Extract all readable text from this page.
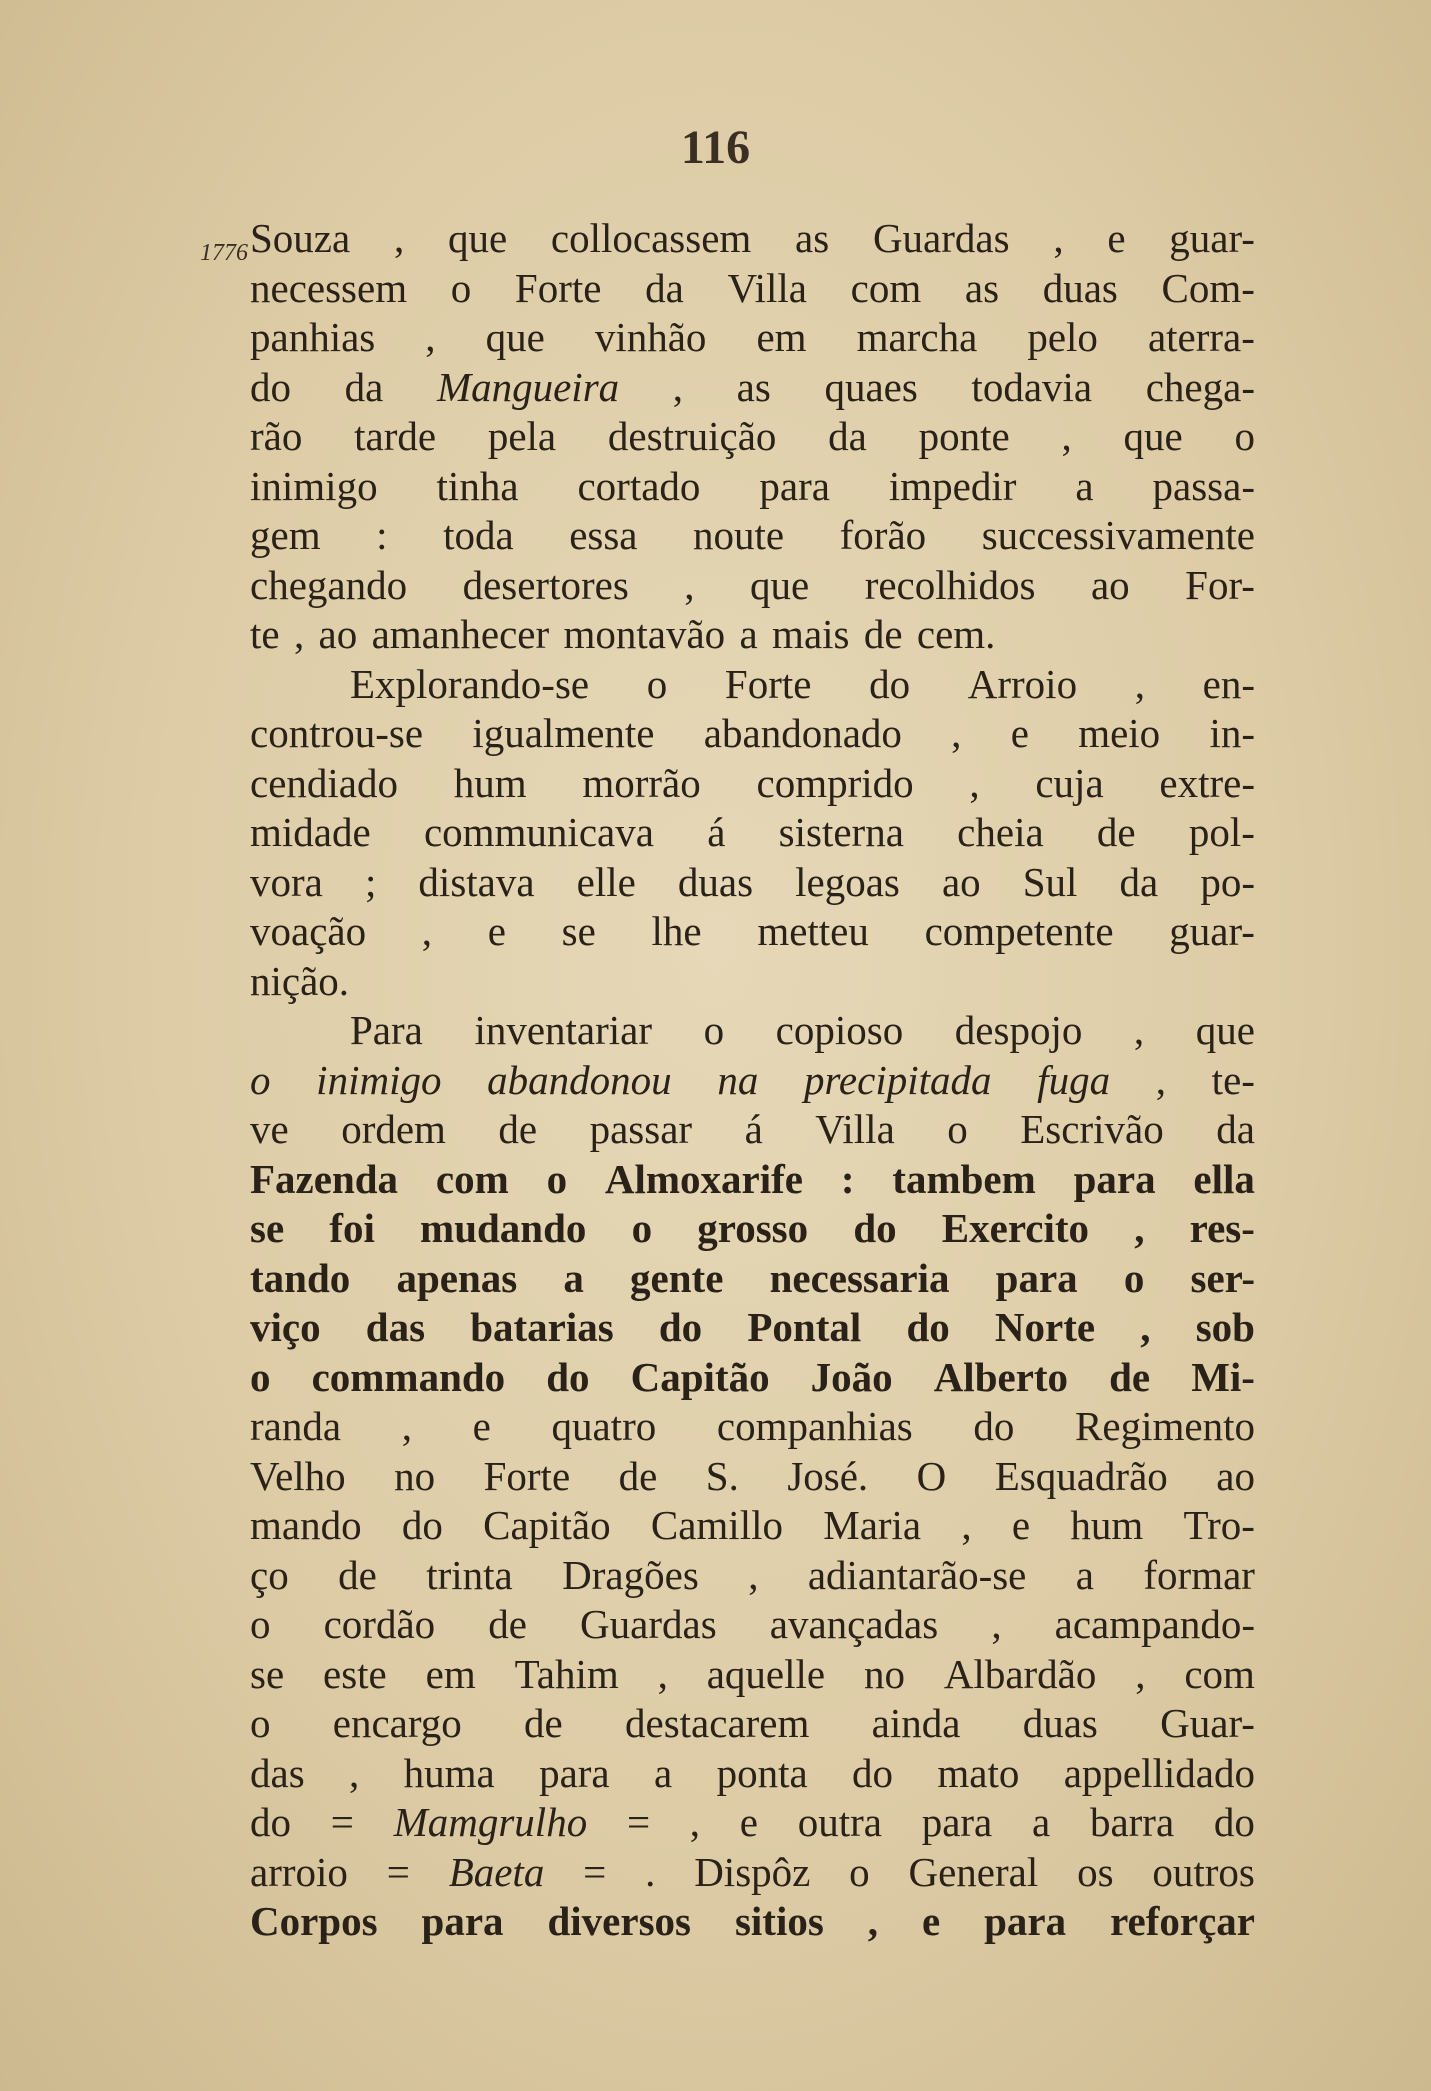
116
1776 Souza , que collocassem as Guardas , e guar-
necessem o Forte da Villa com as duas Com-
panhias , que vinhão em marcha pelo aterra-
do da Mangueira , as quaes todavia chega-
rão tarde pela destruição da ponte , que o
inimigo tinha cortado para impedir a passa-
gem : toda essa noute forão successivamente
chegando desertores , que recolhidos ao For-
te , ao amanhecer montavão a mais de cem.
Explorando-se o Forte do Arroio , en-
controu-se igualmente abandonado , e meio in-
cendiado hum morrão comprido , cuja extre-
midade communicava á sisterna cheia de pol-
vora ; distava elle duas legoas ao Sul da po-
voação , e se lhe metteu competente guar-
nição.
Para inventariar o copioso despojo , que
o inimigo abandonou na precipitada fuga , te-
ve ordem de passar á Villa o Escrivão da
Fazenda com o Almoxarife : tambem para ella
se foi mudando o grosso do Exercito , res-
tando apenas a gente necessaria para o ser-
viço das batarias do Pontal do Norte , sob
o commando do Capitão João Alberto de Mi-
randa , e quatro companhias do Regimento
Velho no Forte de S. José. O Esquadrão ao
mando do Capitão Camillo Maria , e hum Tro-
ço de trinta Dragões , adiantarão-se a formar
o cordão de Guardas avançadas , acampando-
se este em Tahim , aquelle no Albardão , com
o encargo de destacarem ainda duas Guar-
das , huma para a ponta do mato appellidado
do = Mamgrulho = , e outra para a barra do
arroio = Baeta = . Dispôz o General os outros
Corpos para diversos sitios , e para reforçar
